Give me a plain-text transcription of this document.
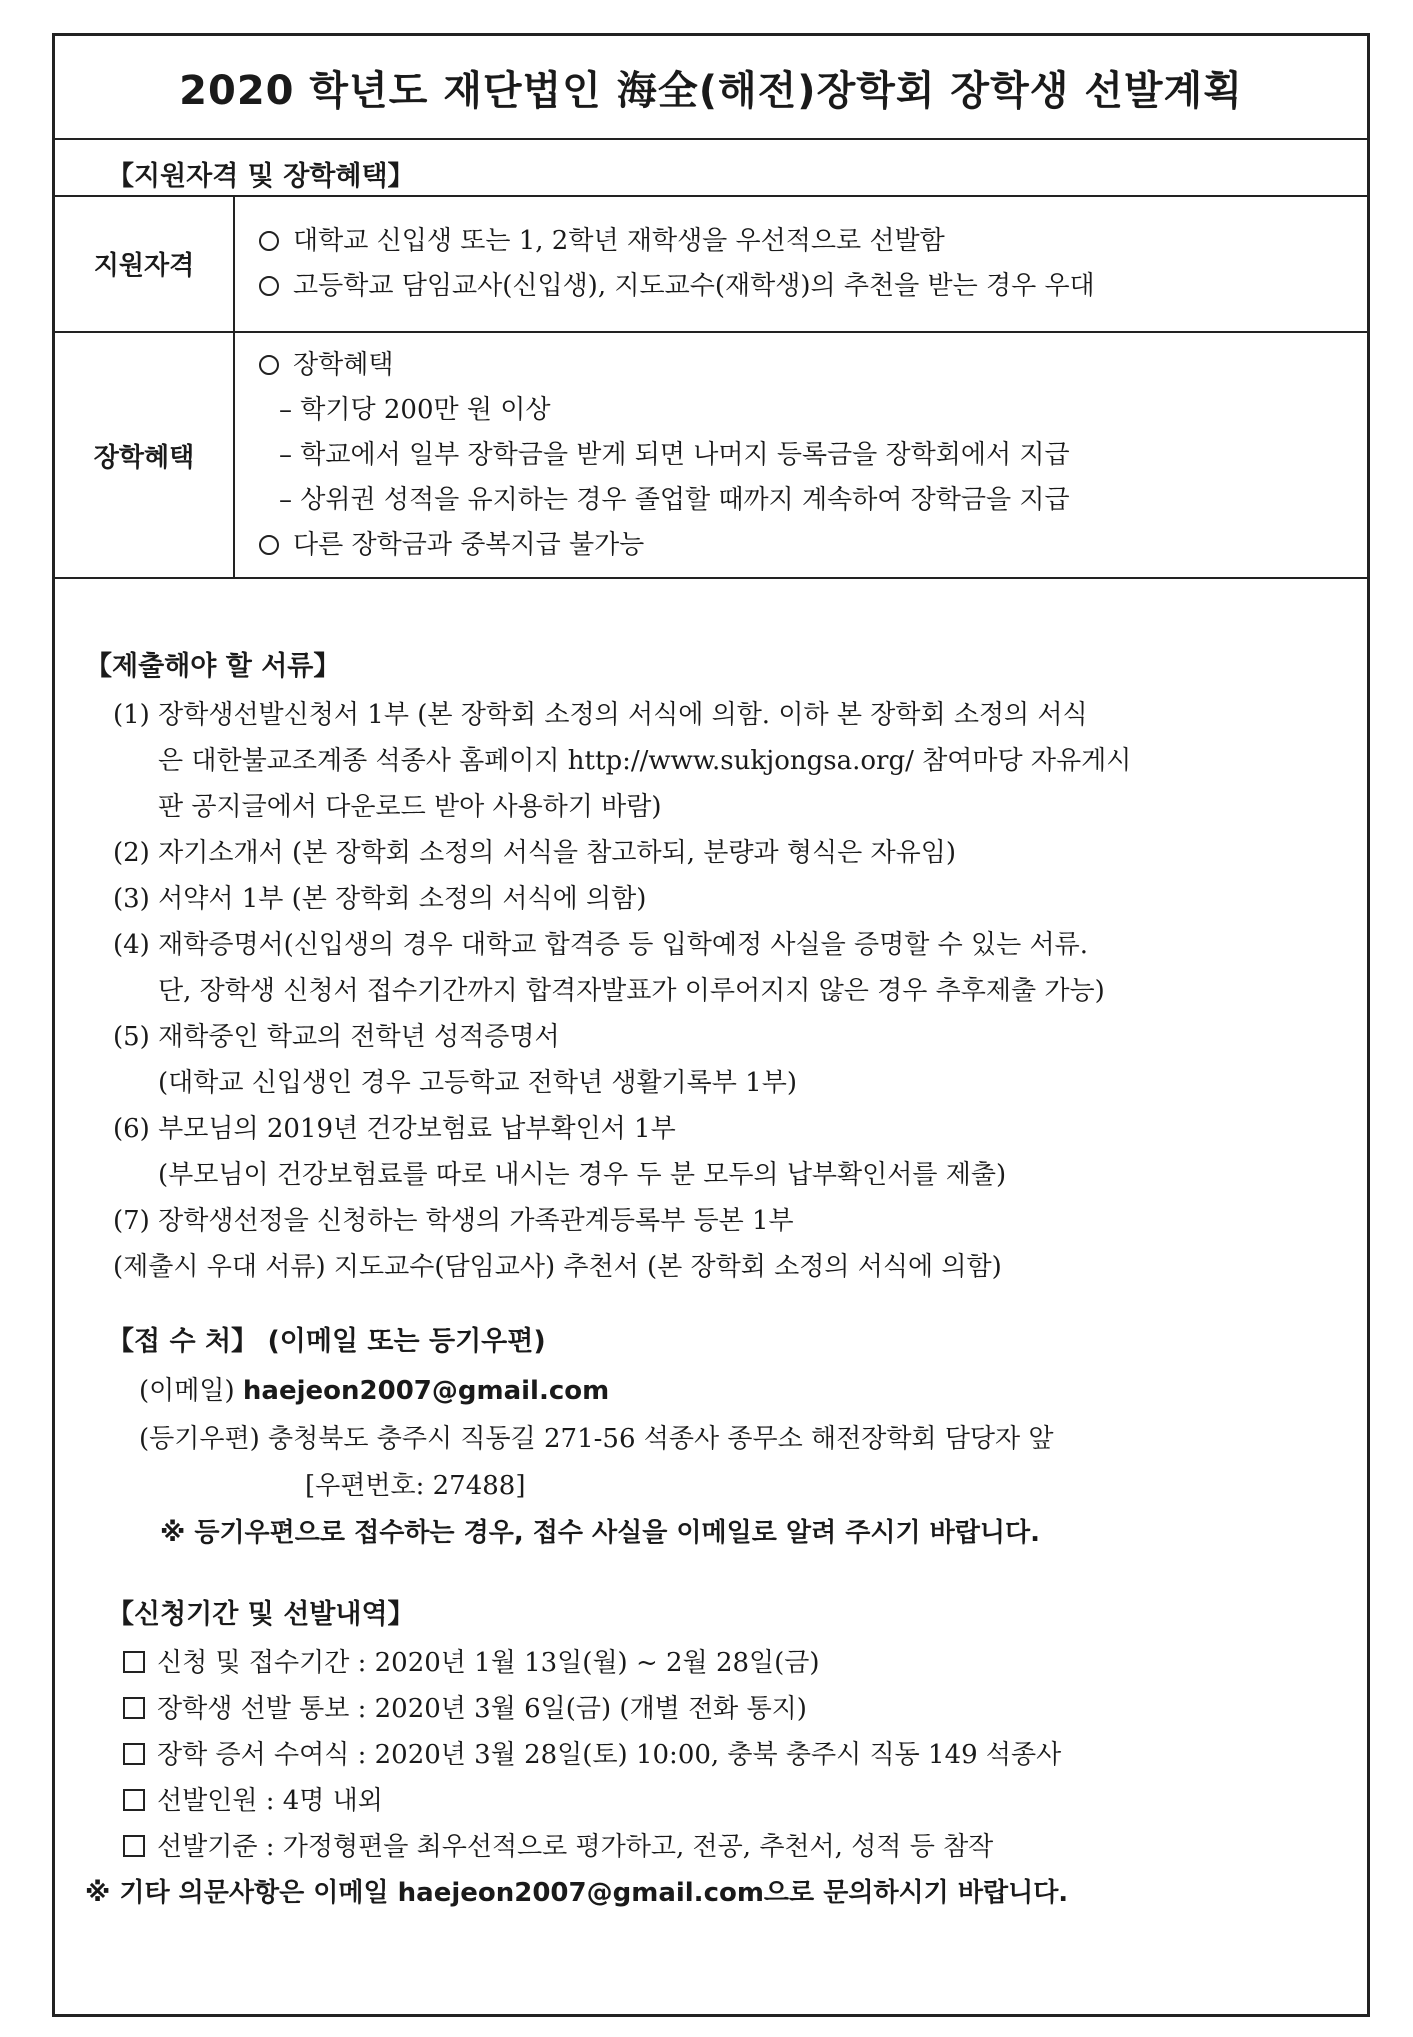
2020 학년도 재단법인 海全(해전)장학회 장학생 선발계획
【지원자격 및 장학혜택】
지원자격	대학교 신입생 또는 1, 2학년 재학생을 우선적으로 선발함
고등학교 담임교사(신입생), 지도교수(재학생)의 추천을 받는 경우 우대

장학혜택	장학혜택
– 학기당 200만 원 이상
– 학교에서 일부 장학금을 받게 되면 나머지 등록금을 장학회에서 지급
– 상위권 성적을 유지하는 경우 졸업할 때까지 계속하여 장학금을 지급
다른 장학금과 중복지급 불가능
【제출해야 할 서류】
(1) 장학생선발신청서 1부 (본 장학회 소정의 서식에 의함. 이하 본 장학회 소정의 서식
은 대한불교조계종 석종사 홈페이지 http://www.sukjongsa.org/ 참여마당 자유게시
판 공지글에서 다운로드 받아 사용하기 바람)
(2) 자기소개서 (본 장학회 소정의 서식을 참고하되, 분량과 형식은 자유임)
(3) 서약서 1부 (본 장학회 소정의 서식에 의함)
(4) 재학증명서(신입생의 경우 대학교 합격증 등 입학예정 사실을 증명할 수 있는 서류.
단, 장학생 신청서 접수기간까지 합격자발표가 이루어지지 않은 경우 추후제출 가능)
(5) 재학중인 학교의 전학년 성적증명서
(대학교 신입생인 경우 고등학교 전학년 생활기록부 1부)
(6) 부모님의 2019년 건강보험료 납부확인서 1부
(부모님이 건강보험료를 따로 내시는 경우 두 분 모두의 납부확인서를 제출)
(7) 장학생선정을 신청하는 학생의 가족관계등록부 등본 1부
(제출시 우대 서류) 지도교수(담임교사) 추천서 (본 장학회 소정의 서식에 의함)
【접 수 처】 (이메일 또는 등기우편)
(이메일) haejeon2007@gmail.com
(등기우편) 충청북도 충주시 직동길 271-56 석종사 종무소 해전장학회 담당자 앞
[우편번호: 27488]
※ 등기우편으로 접수하는 경우, 접수 사실을 이메일로 알려 주시기 바랍니다.
【신청기간 및 선발내역】
신청 및 접수기간 : 2020년 1월 13일(월) ~ 2월 28일(금)
장학생 선발 통보 : 2020년 3월 6일(금) (개별 전화 통지)
장학 증서 수여식 : 2020년 3월 28일(토) 10:00, 충북 충주시 직동 149 석종사
선발인원 : 4명 내외
선발기준 : 가정형편을 최우선적으로 평가하고, 전공, 추천서, 성적 등 참작
※ 기타 의문사항은 이메일 haejeon2007@gmail.com으로 문의하시기 바랍니다.
